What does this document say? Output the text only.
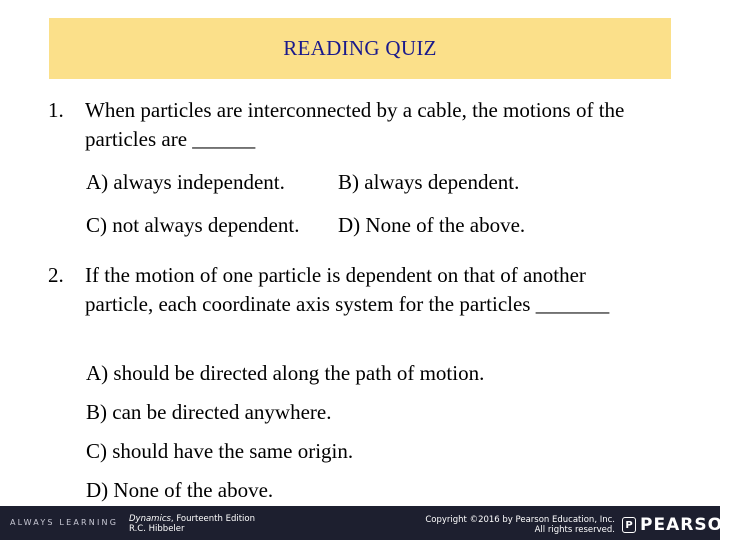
READING QUIZ
1. When particles are interconnected by a cable, the motions of the particles are ______
A) always independent.	B) always dependent.
C) not always dependent. D) None of the above.
2. If the motion of one particle is dependent on that of another particle, each coordinate axis system for the particles _______
A) should be directed along the path of motion.
B) can be directed anywhere.
C) should have the same origin.
D) None of the above.
ALWAYS LEARNING Dynamics, Fourteenth Edition
R.C. Hibbeler
Copyright ©2016 by Pearson Education, Inc.
All rights reserved.	P PEARSON
